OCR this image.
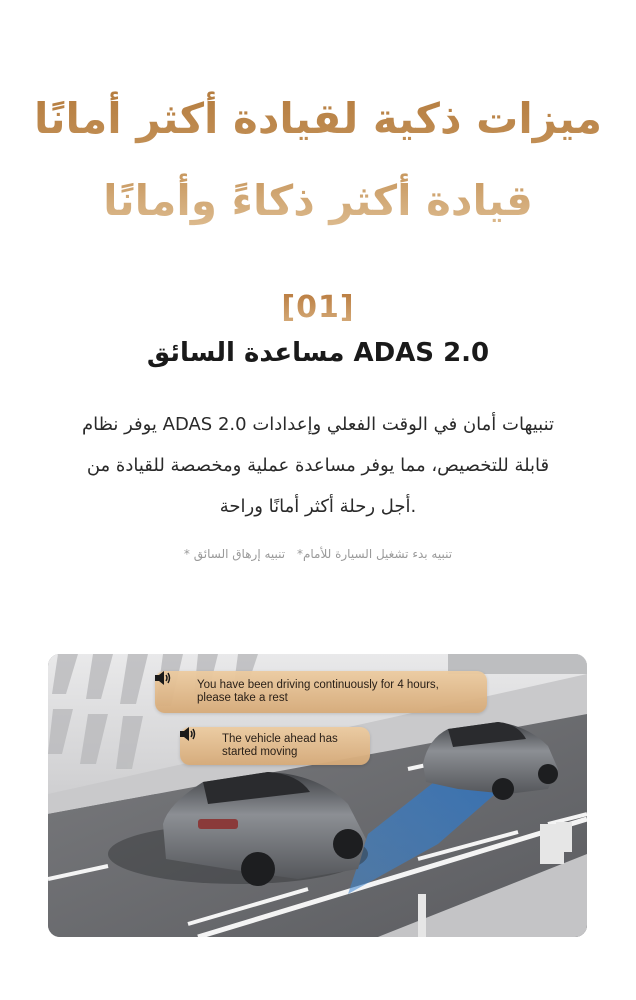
ميزات ذكية لقيادة أكثر أمانًا
قيادة أكثر ذكاءً وأمانًا
[01]
ADAS 2.0 مساعدة السائق
تنبيهات أمان في الوقت الفعلي وإعدادات ADAS 2.0 يوفر نظام
قابلة للتخصيص، مما يوفر مساعدة عملية ومخصصة للقيادة من
.أجل رحلة أكثر أمانًا وراحة
تنبيه بدء تشغيل السيارة للأمام* تنبيه إرهاق السائق *
You have been driving continuously for 4 hours,
please take a rest
The vehicle ahead has
started moving
